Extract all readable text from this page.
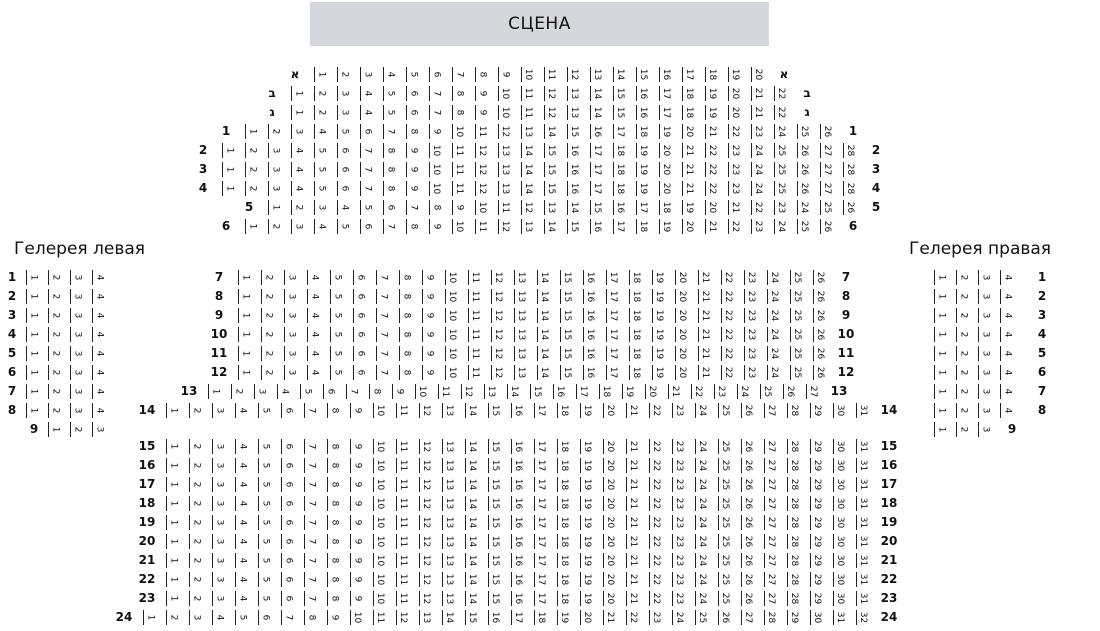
СЦЕНА
Гелерея левая	Гелерея правая
א	1 2 3 4 5 6 7 8 9 10 11 12 13 14 15 16 17 18 19 20	א
ב	1 2 3 4 5 6 7 8 9 10 11 12 13 14 15 16 17 18 19 20 21 22	ב
ג	1 2 3 4 5 6 7 8 9 10 11 12 13 14 15 16 17 18 19 20 21 22	ג
1	1 2 3 4 5 6 7 8 9 10 11 12 13 14 15 16 17 18 19 20 21 22 23 24 25 26	1
2	1 2 3 4 5 6 7 8 9 10 11 12 13 14 15 16 17 18 19 20 21 22 23 24 25 26 27 28	2
3	1 2 3 4 5 6 7 8 9 10 11 12 13 14 15 16 17 18 19 20 21 22 23 24 25 26 27 28	3
4	1 2 3 4 5 6 7 8 9 10 11 12 13 14 15 16 17 18 19 20 21 22 23 24 25 26 27 28	4
5	1 2 3 4 5 6 7 8 9 10 11 12 13 14 15 16 17 18 19 20 21 22 23 24 25 26	5
6	1 2 3 4 5 6 7 8 9 10 11 12 13 14 15 16 17 18 19 20 21 22 23 24 25 26	6
7	1 2 3 4 5 6 7 8 9 10 11 12 13 14 15 16 17 18 19 20 21 22 23 24 25 26	7
8	1 2 3 4 5 6 7 8 9 10 11 12 13 14 15 16 17 18 19 20 21 22 23 24 25 26	8
9	1 2 3 4 5 6 7 8 9 10 11 12 13 14 15 16 17 18 19 20 21 22 23 24 25 26	9
10 1 2 3 4 5 6 7 8 9 10 11 12 13 14 15 16 17 18 19 20 21 22 23 24 25 26 10
11 1 2 3 4 5 6 7 8 9 10 11 12 13 14 15 16 17 18 19 20 21 22 23 24 25 26 11
12 1 2 3 4 5 6 7 8 9 10 11 12 13 14 15 16 17 18 19 20 21 22 23 24 25 26 12
13 1 2 3 4 5 6 7 8 9 10 11 12 13 14 15 16 17 18 19 20 21 22 23 24 25 26 27 13
14 1 2 3 4 5 6 7 8 9 10 11 12 13 14 15 16 17 18 19 20 21 22 23 24 25 26 27 28 29 30 31 14
15 1 2 3 4 5 6 7 8 9 10 11 12 13 14 15 16 17 18 19 20 21 22 23 24 25 26 27 28 29 30 31 15
16 1 2 3 4 5 6 7 8 9 10 11 12 13 14 15 16 17 18 19 20 21 22 23 24 25 26 27 28 29 30 31 16
17 1 2 3 4 5 6 7 8 9 10 11 12 13 14 15 16 17 18 19 20 21 22 23 24 25 26 27 28 29 30 31 17
18 1 2 3 4 5 6 7 8 9 10 11 12 13 14 15 16 17 18 19 20 21 22 23 24 25 26 27 28 29 30 31 18
19 1 2 3 4 5 6 7 8 9 10 11 12 13 14 15 16 17 18 19 20 21 22 23 24 25 26 27 28 29 30 31 19
20 1 2 3 4 5 6 7 8 9 10 11 12 13 14 15 16 17 18 19 20 21 22 23 24 25 26 27 28 29 30 31 20
21 1 2 3 4 5 6 7 8 9 10 11 12 13 14 15 16 17 18 19 20 21 22 23 24 25 26 27 28 29 30 31 21
22 1 2 3 4 5 6 7 8 9 10 11 12 13 14 15 16 17 18 19 20 21 22 23 24 25 26 27 28 29 30 31 22
23 1 2 3 4 5 6 7 8 9 10 11 12 13 14 15 16 17 18 19 20 21 22 23 24 25 26 27 28 29 30 31 23
24 1 2 3 4 5 6 7 8 9 10 11 12 13 14 15 16 17 18 19 20 21 22 23 24 25 26 27 28 29 30 31 32 24
1	1 2 3 4
2	1 2 3 4
3	1 2 3 4
4	1 2 3 4
5	1 2 3 4
6	1 2 3 4
7	1 2 3 4
8	1 2 3 4
9	1 2 3
1 2 3 4	1
1 2 3 4	2
1 2 3 4	3
1 2 3 4	4
1 2 3 4	5
1 2 3 4	6
1 2 3 4	7
1 2 3 4	8
1 2 3	9
